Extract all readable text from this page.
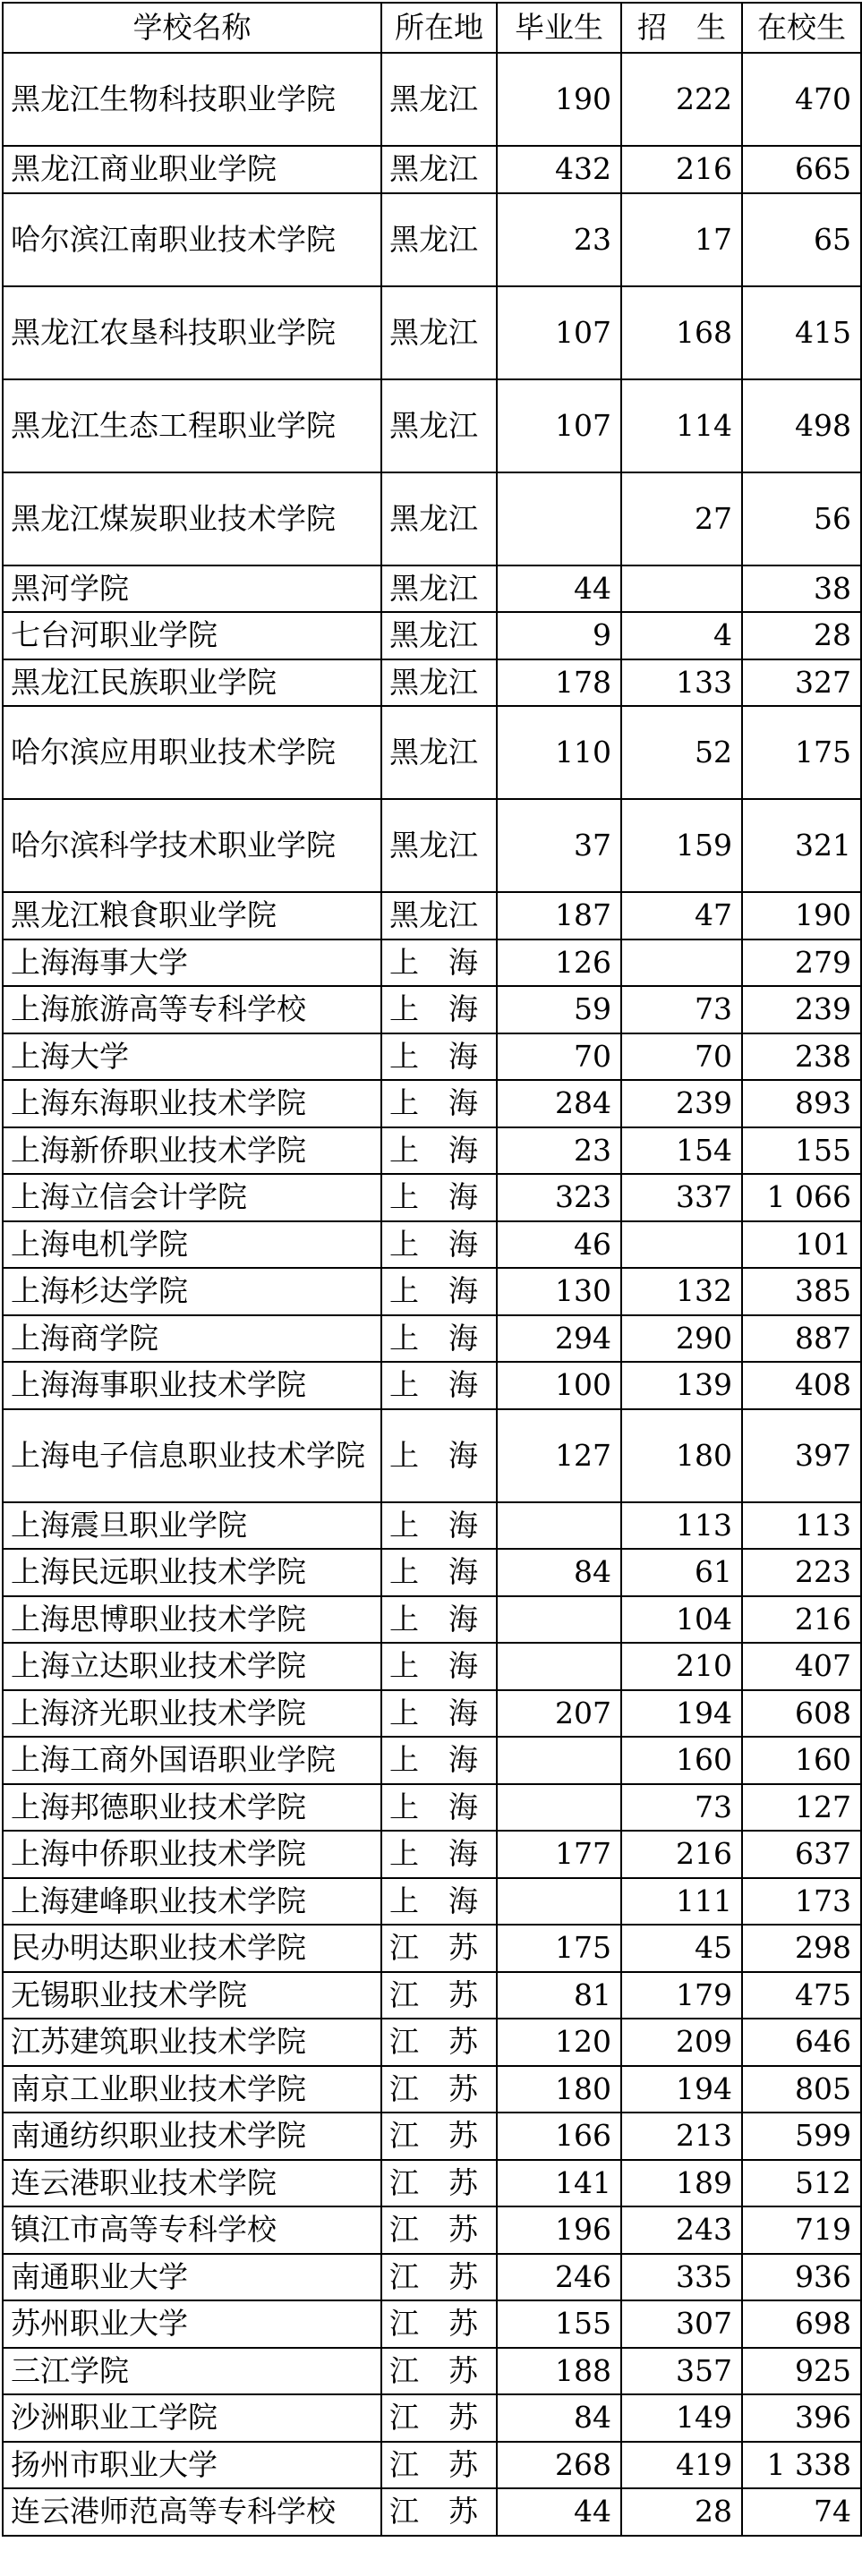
学校名称	所在地	毕业生	招　生	在校生
黑龙江生物科技职业学院	黑龙江	190	222	470
黑龙江商业职业学院	黑龙江	432	216	665
哈尔滨江南职业技术学院	黑龙江	23	17	65
黑龙江农垦科技职业学院	黑龙江	107	168	415
黑龙江生态工程职业学院	黑龙江	107	114	498
黑龙江煤炭职业技术学院	黑龙江		27	56
黑河学院	黑龙江	44		38
七台河职业学院	黑龙江	9	4	28
黑龙江民族职业学院	黑龙江	178	133	327
哈尔滨应用职业技术学院	黑龙江	110	52	175
哈尔滨科学技术职业学院	黑龙江	37	159	321
黑龙江粮食职业学院	黑龙江	187	47	190
上海海事大学	上　海	126		279
上海旅游高等专科学校	上　海	59	73	239
上海大学	上　海	70	70	238
上海东海职业技术学院	上　海	284	239	893
上海新侨职业技术学院	上　海	23	154	155
上海立信会计学院	上　海	323	337	1 066
上海电机学院	上　海	46		101
上海杉达学院	上　海	130	132	385
上海商学院	上　海	294	290	887
上海海事职业技术学院	上　海	100	139	408
上海电子信息职业技术学院	上　海	127	180	397
上海震旦职业学院	上　海		113	113
上海民远职业技术学院	上　海	84	61	223
上海思博职业技术学院	上　海		104	216
上海立达职业技术学院	上　海		210	407
上海济光职业技术学院	上　海	207	194	608
上海工商外国语职业学院	上　海		160	160
上海邦德职业技术学院	上　海		73	127
上海中侨职业技术学院	上　海	177	216	637
上海建峰职业技术学院	上　海		111	173
民办明达职业技术学院	江　苏	175	45	298
无锡职业技术学院	江　苏	81	179	475
江苏建筑职业技术学院	江　苏	120	209	646
南京工业职业技术学院	江　苏	180	194	805
南通纺织职业技术学院	江　苏	166	213	599
连云港职业技术学院	江　苏	141	189	512
镇江市高等专科学校	江　苏	196	243	719
南通职业大学	江　苏	246	335	936
苏州职业大学	江　苏	155	307	698
三江学院	江　苏	188	357	925
沙洲职业工学院	江　苏	84	149	396
扬州市职业大学	江　苏	268	419	1 338
连云港师范高等专科学校	江　苏	44	28	74
